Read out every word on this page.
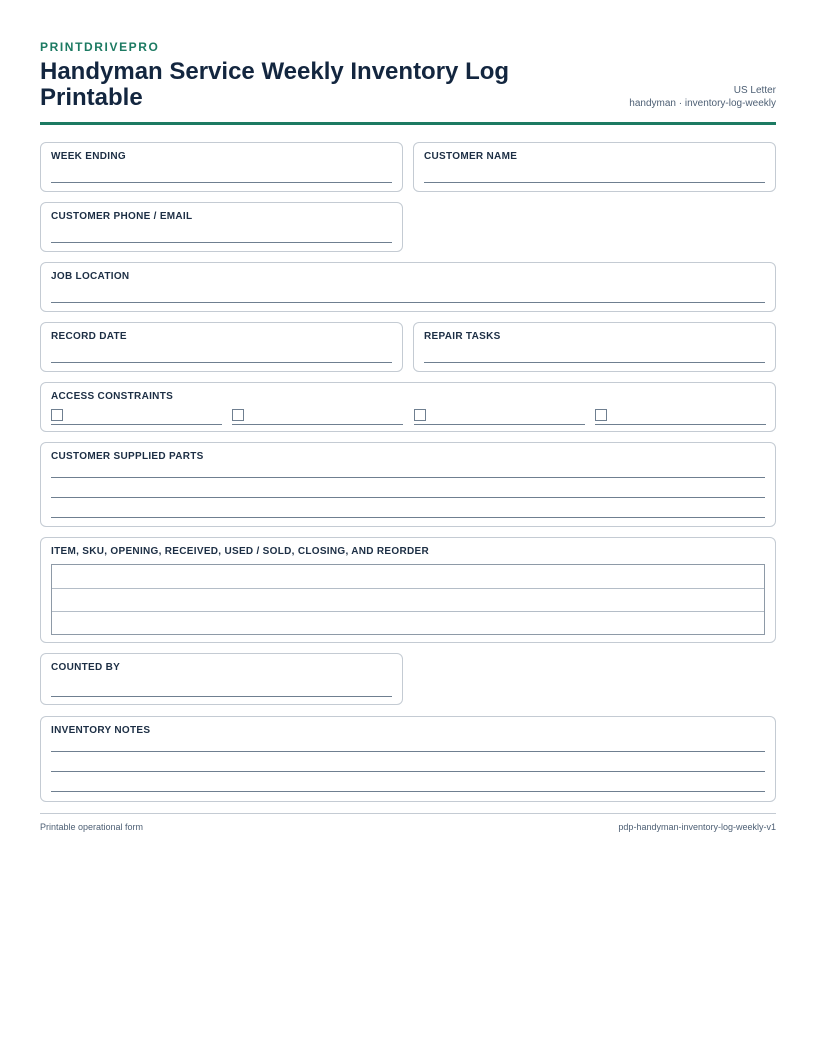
PRINTDRIVEPRO
Handyman Service Weekly Inventory Log Printable	US Letter
handyman · inventory-log-weekly
WEEK ENDING	CUSTOMER NAME
CUSTOMER PHONE / EMAIL
JOB LOCATION
RECORD DATE	REPAIR TASKS
ACCESS CONSTRAINTS
CUSTOMER SUPPLIED PARTS
ITEM, SKU, OPENING, RECEIVED, USED / SOLD, CLOSING, AND REORDER
COUNTED BY
INVENTORY NOTES
Printable operational form	pdp-handyman-inventory-log-weekly-v1
